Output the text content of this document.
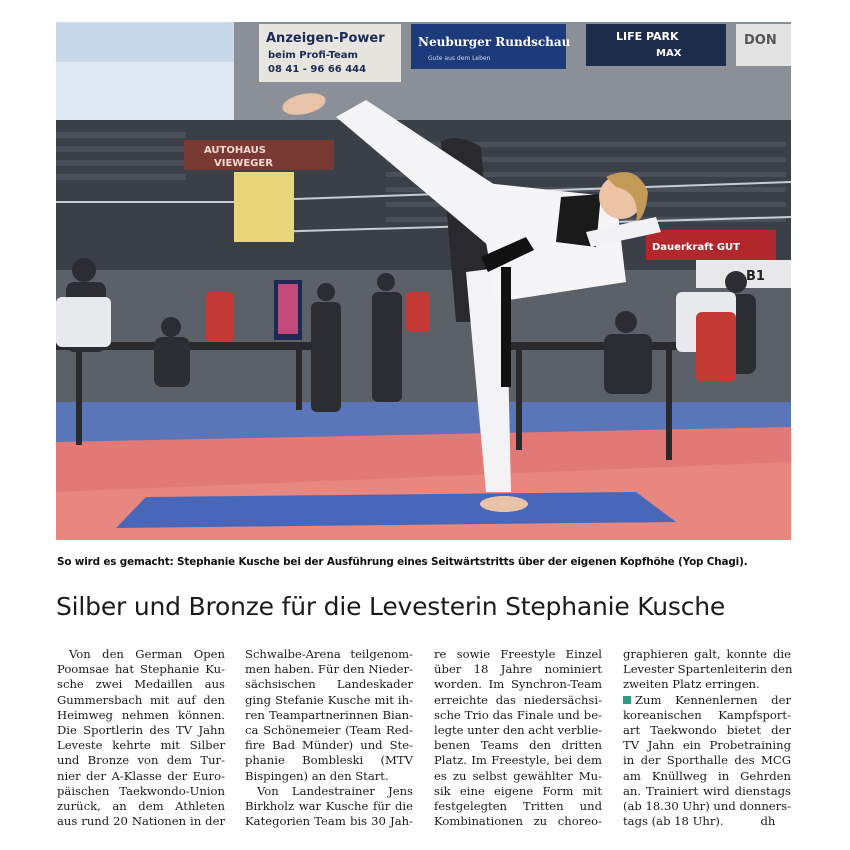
Anzeigen-Power
beim Profi-Team
08 41 - 96 66 444
Neuburger Rundschau
Gute aus dem Leben
LIFE PARK
MAX
DON
AUTOHAUS
VIEWEGER
Dauerkraft GUT
B1
So wird es gemacht: Stephanie Kusche bei der Ausführung eines Seitwärtstritts über der eigenen Kopfhöhe (Yop Chagi).
Silber und Bronze für die Levesterin Stephanie Kusche
Von den German Open
Poomsae hat Stephanie Ku-
sche zwei Medaillen aus
Gummersbach mit auf den
Heimweg nehmen können.
Die Sportlerin des TV Jahn
Leveste kehrte mit Silber
und Bronze von dem Tur-
nier der A-Klasse der Euro-
päischen Taekwondo-Union
zurück, an dem Athleten
aus rund 20 Nationen in der
Schwalbe-Arena teilgenom-
men haben. Für den Nieder-
sächsischen Landeskader
ging Stefanie Kusche mit ih-
ren Teampartnerinnen Bian-
ca Schönemeier (Team Red-
fire Bad Münder) und Ste-
phanie Bombleski (MTV
Bispingen) an den Start.
Von Landestrainer Jens
Birkholz war Kusche für die
Kategorien Team bis 30 Jah-
re sowie Freestyle Einzel
über 18 Jahre nominiert
worden. Im Synchron-Team
erreichte das niedersächsi-
sche Trio das Finale und be-
legte unter den acht verblie-
benen Teams den dritten
Platz. Im Freestyle, bei dem
es zu selbst gewählter Mu-
sik eine eigene Form mit
festgelegten Tritten und
Kombinationen zu choreo-
graphieren galt, konnte die
Levester Spartenleiterin den
zweiten Platz erringen.
Zum Kennenlernen der
koreanischen Kampfsport-
art Taekwondo bietet der
TV Jahn ein Probetraining
in der Sporthalle des MCG
am Knüllweg in Gehrden
an. Trainiert wird dienstags
(ab 18.30 Uhr) und donners-
tags (ab 18 Uhr).          dh
